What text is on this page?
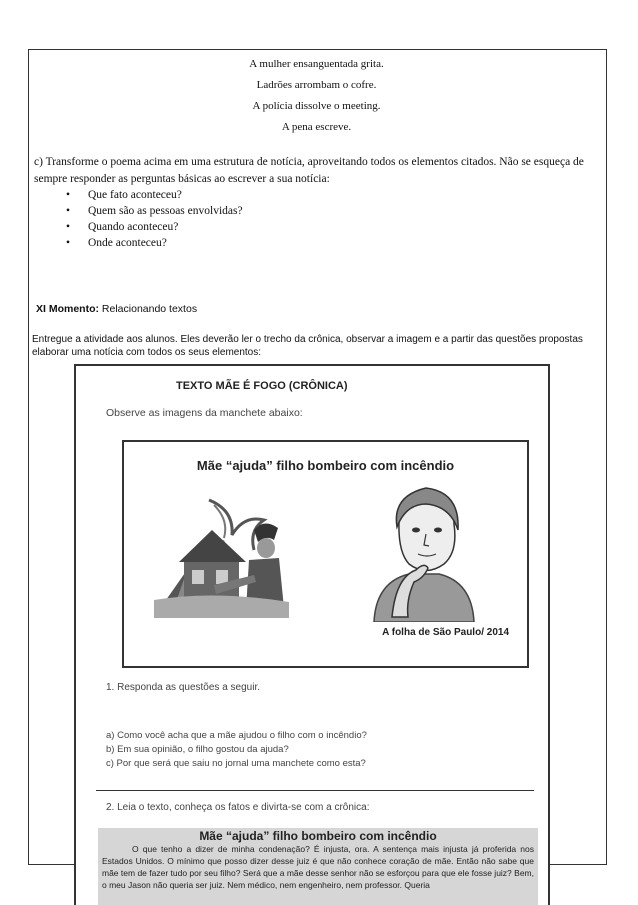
A mulher ensanguentada grita.
Ladrões arrombam o cofre.
A polícia dissolve o meeting.
A pena escreve.
c) Transforme o poema acima em uma estrutura de notícia, aproveitando todos os elementos citados. Não se esqueça de sempre responder as perguntas básicas ao escrever a sua notícia:
• Que fato aconteceu?
• Quem são as pessoas envolvidas?
• Quando aconteceu?
• Onde aconteceu?
XI Momento: Relacionando textos
Entregue a atividade aos alunos. Eles deverão ler o trecho da crônica, observar a imagem e a partir das questões propostas elaborar uma notícia com todos os seus elementos:
TEXTO MÃE É FOGO (CRÔNICA)
Observe as imagens da manchete abaixo:
Mãe “ajuda” filho bombeiro com incêndio
A folha de São Paulo/ 2014
1. Responda as questões a seguir.
a) Como você acha que a mãe ajudou o filho com o incêndio?
b) Em sua opinião, o filho gostou da ajuda?
c) Por que será que saiu no jornal uma manchete como esta?
2. Leia o texto, conheça os fatos e divirta-se com a crônica:
Mãe “ajuda” filho bombeiro com incêndio
O que tenho a dizer de minha condenação? É injusta, ora. A sentença mais injusta já proferida nos Estados Unidos. O mínimo que posso dizer desse juiz é que não conhece coração de mãe. Então não sabe que mãe tem de fazer tudo por seu filho? Será que a mãe desse senhor não se esforçou para que ele fosse juiz? Bem, o meu Jason não queria ser juiz. Nem médico, nem engenheiro, nem professor. Queria
